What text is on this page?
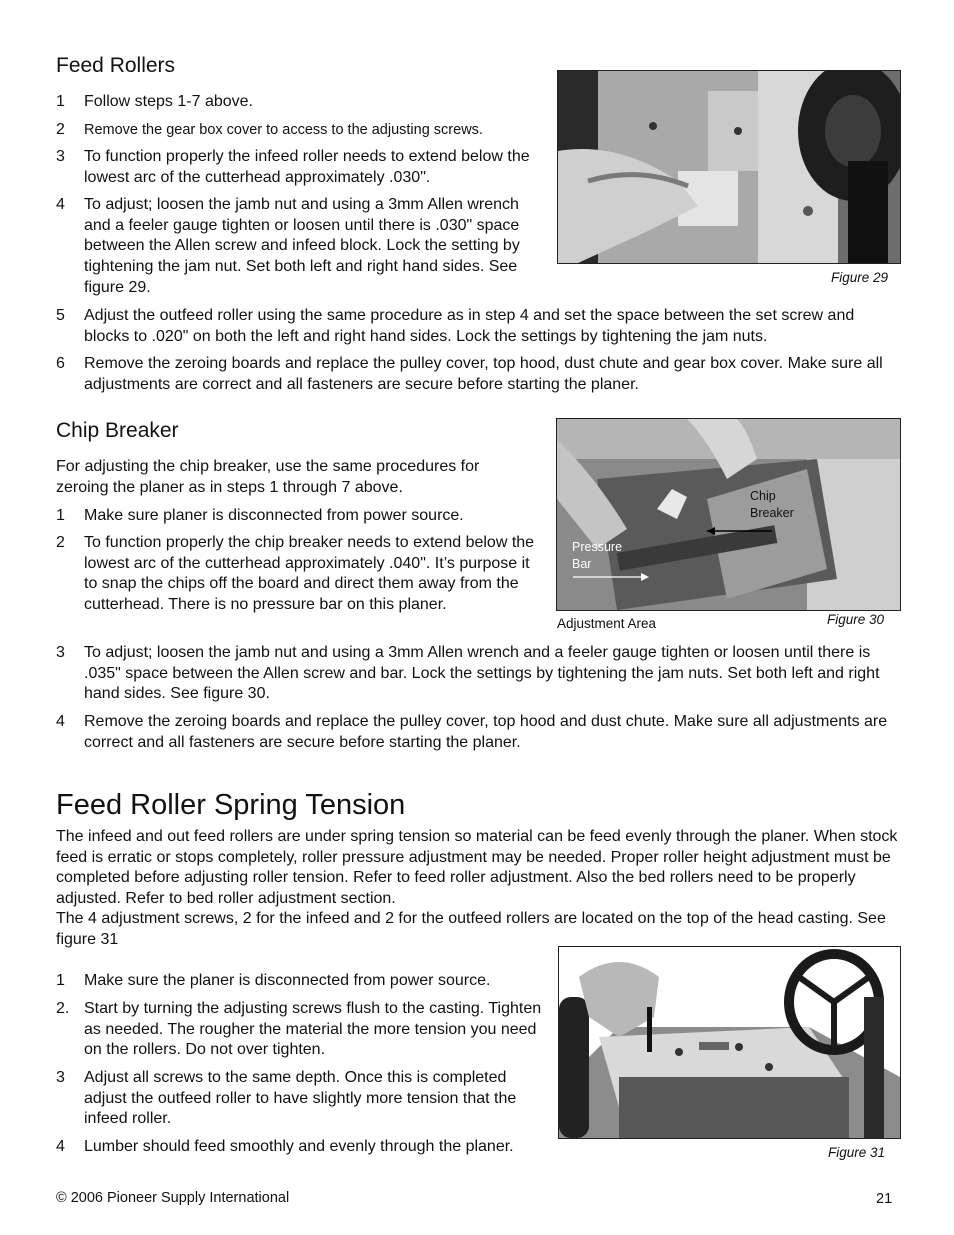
Feed Rollers
1	Follow steps 1-7 above.
2	Remove the gear box cover to access to the adjusting screws.
3	To function properly the infeed roller needs to extend below the lowest arc of the cutterhead approximately .030".
4	To adjust; loosen the jamb nut and using a 3mm Allen wrench and a feeler gauge tighten or loosen until there is .030" space between the Allen screw and infeed block. Lock the setting by tightening the jam nut. Set both left and right hand sides. See figure 29.
5	Adjust the outfeed roller using the same procedure as in step 4 and set the space between the set screw and blocks to .020" on both the left and right hand sides. Lock the settings by tightening the jam nuts.
6	Remove the zeroing boards and replace the pulley cover, top hood, dust chute and gear box cover. Make sure all adjustments are correct and all fasteners are secure before starting the planer.
Figure 29
Chip Breaker
For adjusting the chip breaker, use the same procedures for zeroing the planer as in steps 1 through 7 above.
1	Make sure planer is disconnected from power source.
2	To function properly the chip breaker needs to extend below the lowest arc of the cutterhead approximately .040". It’s purpose it to snap the chips off the board and direct them away from the cutterhead. There is no pressure bar on this planer.
3	To adjust; loosen the jamb nut and using a 3mm Allen wrench and a feeler gauge tighten or loosen until there is .035" space between the Allen screw and bar. Lock the settings by tightening the jam nuts. Set both left and right hand sides. See figure 30.
4	Remove the zeroing boards and replace the pulley cover, top hood and dust chute. Make sure all adjustments are correct and all fasteners are secure before starting the planer.
Chip
Breaker
Pressure
Bar
Adjustment Area	Figure 30
Feed Roller Spring Tension
The infeed and out feed rollers are under spring tension so material can be feed evenly through the planer. When stock feed is erratic or stops completely, roller pressure adjustment may be needed. Proper roller height adjustment must be completed before adjusting roller tension. Refer to feed roller adjustment. Also the bed rollers need to be properly adjusted. Refer to bed roller adjustment section.
The 4 adjustment screws, 2 for the infeed and 2 for the outfeed rollers are located on the top of the head casting. See figure 31
1	Make sure the planer is disconnected from power source.
2. Start by turning the adjusting screws flush to the casting. Tighten as needed. The rougher the material the more tension you need on the rollers. Do not over tighten.
3	Adjust all screws to the same depth. Once this is completed adjust the outfeed roller to have slightly more tension that the infeed roller.
4	Lumber should feed smoothly and evenly through the planer.	Figure 31
© 2006 Pioneer Supply International	21
